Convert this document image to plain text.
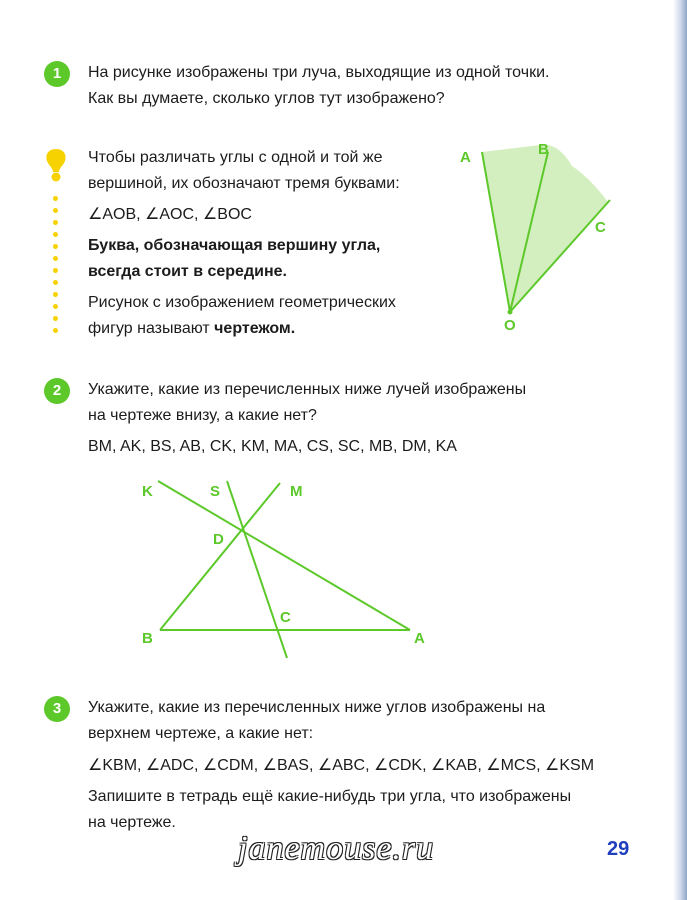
1	На рисунке изображены три луча, выходящие из одной точки.
Как вы думаете, сколько углов тут изображено?
Чтобы различать углы с одной и той же
вершиной, их обозначают тремя буквами:
∠AOB, ∠AOC, ∠BOC
Буква, обозначающая вершину угла,
всегда стоит в середине.
Рисунок с изображением геометрических
фигур называют чертежом.
A	B
C
O
2	Укажите, какие из перечисленных ниже лучей изображены
на чертеже внизу, а какие нет?
BM, AK, BS, AB, CK, KM, MA, CS, SC, MB, DM, KA
K	S	M
D
C
B	A
3	Укажите, какие из перечисленных ниже углов изображены на
верхнем чертеже, а какие нет:
∠KBM, ∠ADC, ∠CDM, ∠BAS, ∠ABC, ∠CDK, ∠KAB, ∠MCS, ∠KSM
Запишите в тетрадь ещё какие-нибудь три угла, что изображены
на чертеже.
janemouse.ru	29
